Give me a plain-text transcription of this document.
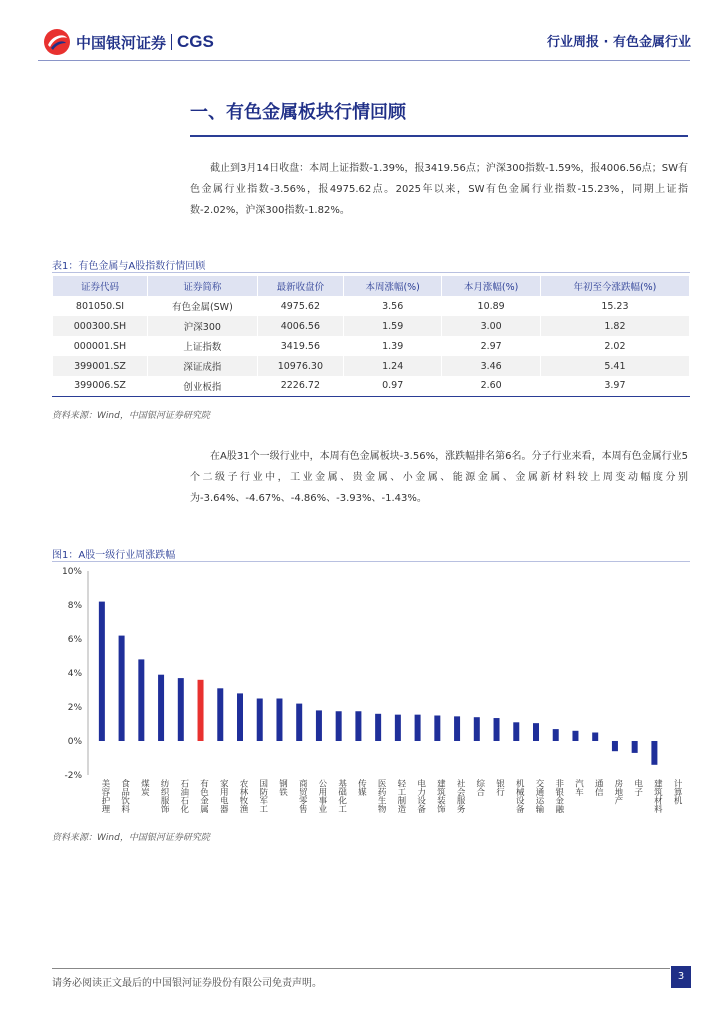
中国银河证券 CGS	行业周报 · 有色金属行业
一、有色金属板块行情回顾
截止到3月14日收盘：本周上证指数-1.39%，报3419.56点；沪深300指数-1.59%，报4006.56点；SW有色金属行业指数-3.56%，报4975.62点。2025年以来，SW有色金属行业指数-15.23%，同期上证指数-2.02%，沪深300指数-1.82%。
表1：有色金属与A股指数行情回顾
证券代码	证券简称	最新收盘价	本周涨幅(%)	本月涨幅(%)	年初至今涨跌幅(%)
801050.SI	有色金属(SW)	4975.62	3.56	10.89	15.23
000300.SH	沪深300	4006.56	1.59	3.00	1.82
000001.SH	上证指数	3419.56	1.39	2.97	2.02
399001.SZ	深证成指	10976.30	1.24	3.46	5.41
399006.SZ	创业板指	2226.72	0.97	2.60	3.97
资料来源：Wind，中国银河证券研究院
在A股31个一级行业中，本周有色金属板块-3.56%，涨跌幅排名第6名。分子行业来看，本周有色金属行业5个二级子行业中，工业金属、贵金属、小金属、能源金属、金属新材料较上周变动幅度分别为-3.64%、-4.67%、-4.86%、-3.93%、-1.43%。
图1：A股一级行业周涨跌幅
10%
8%
6%
4%
2%
0%
-2%
美容护理 食品饮料 煤炭 纺织服饰 石油石化 有色金属 家用电器 农林牧渔 国防军工 钢铁 商贸零售 公用事业 基础化工 传媒 医药生物 轻工制造 电力设备 建筑装饰 社会服务 综合 银行 机械设备 交通运输 非银金融 汽车 通信 房地产 电子 建筑材料 计算机
资料来源：Wind，中国银河证券研究院
请务必阅读正文最后的中国银河证券股份有限公司免责声明。
3
